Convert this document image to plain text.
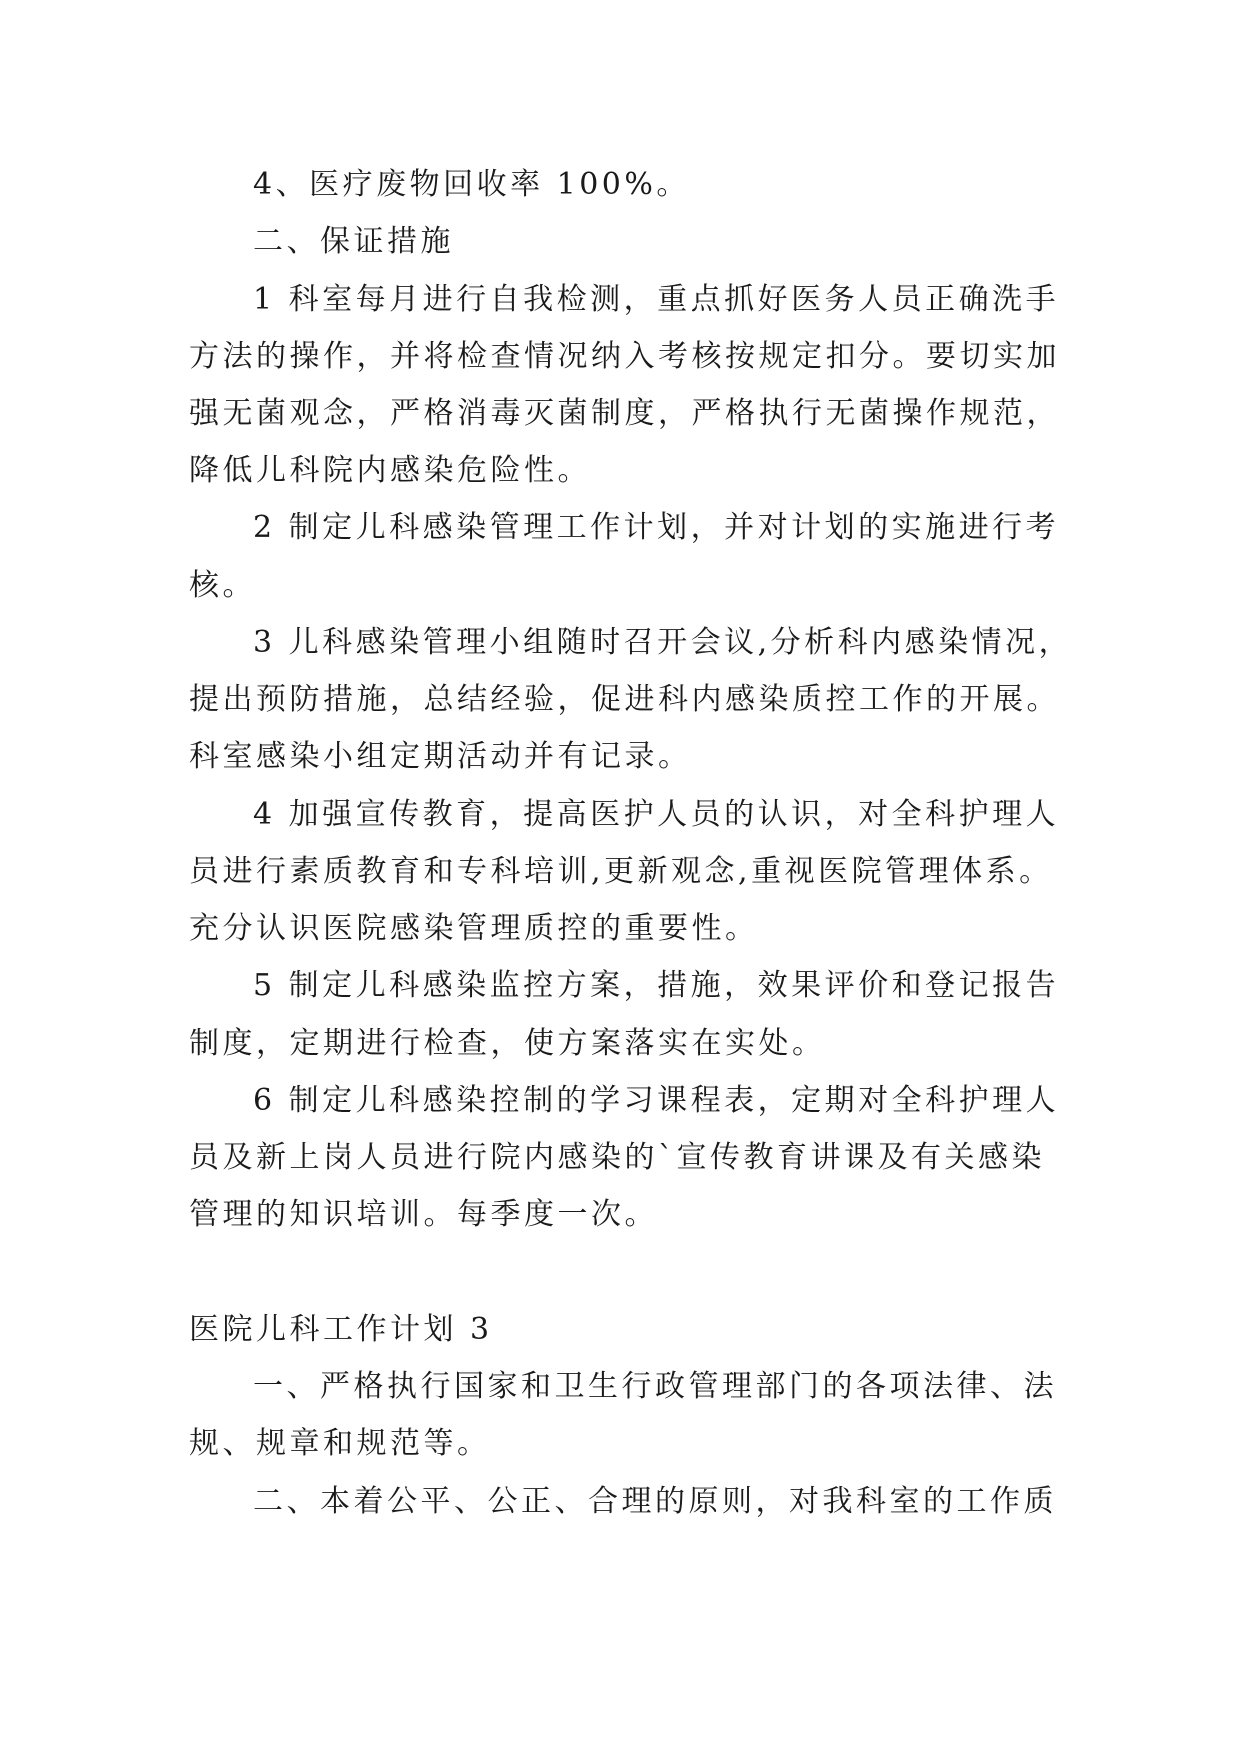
4、医疗废物回收率 100%。

二、保证措施

1 科室每月进行自我检测，重点抓好医务人员正确洗手

方法的操作，并将检查情况纳入考核按规定扣分。要切实加

强无菌观念，严格消毒灭菌制度，严格执行无菌操作规范，

降低儿科院内感染危险性。

2 制定儿科感染管理工作计划，并对计划的实施进行考

核。

3 儿科感染管理小组随时召开会议,分析科内感染情况，

提出预防措施，总结经验，促进科内感染质控工作的开展。

科室感染小组定期活动并有记录。

4 加强宣传教育，提高医护人员的认识，对全科护理人

员进行素质教育和专科培训,更新观念,重视医院管理体系。

充分认识医院感染管理质控的重要性。

5 制定儿科感染监控方案，措施，效果评价和登记报告

制度，定期进行检查，使方案落实在实处。

6 制定儿科感染控制的学习课程表，定期对全科护理人

员及新上岗人员进行院内感染的`宣传教育讲课及有关感染

管理的知识培训。每季度一次。

医院儿科工作计划 3

一、严格执行国家和卫生行政管理部门的各项法律、法

规、规章和规范等。

二、本着公平、公正、合理的原则，对我科室的工作质
